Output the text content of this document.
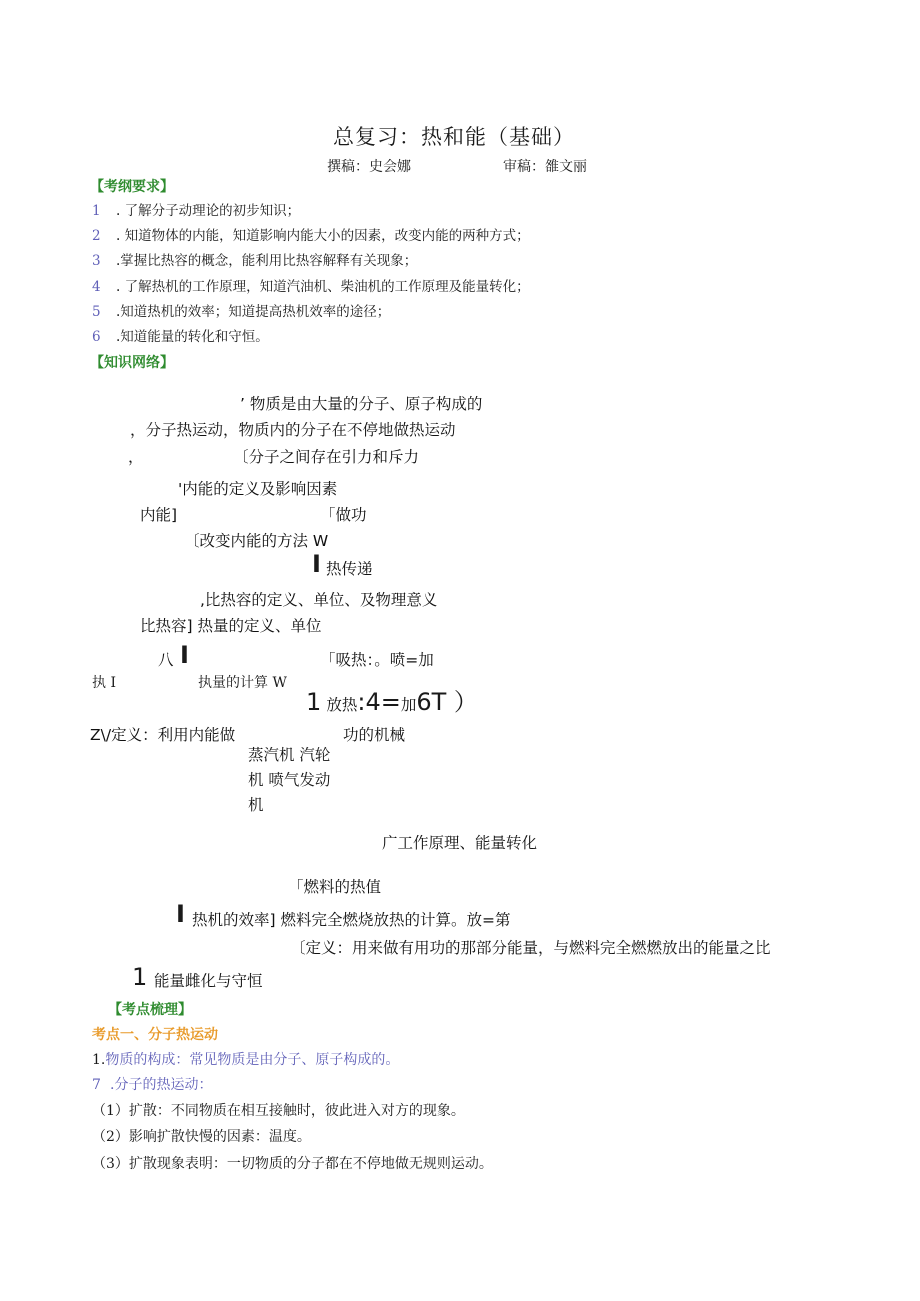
总复习：热和能（基础）
撰稿：史会娜	审稿：雒文丽
【考纲要求】
1 . 了解分子动理论的初步知识；
2 . 知道物体的内能，知道影响内能大小的因素，改变内能的两种方式；
3 .掌握比热容的概念，能利用比热容解释有关现象；
4 . 了解热机的工作原理，知道汽油机、柴油机的工作原理及能量转化；
5 .知道热机的效率；知道提高热机效率的途径；
6 .知道能量的转化和守恒。
【知识网络】
’ 物质是由大量的分子、原子构成的
，分子热运动，物质内的分子在不停地做热运动
，	〔分子之间存在引力和斥力
'内能的定义及影响因素
内能]	「做功
〔改变内能的方法 W
I 热传递
,比热容的定义、单位、及物理意义
比热容] 热量的定义、单位
八 I	「吸热：。喷=加
执 I	执量的计算 W
1 放热:4=加6T ）
Z\/定义：利用内能做	功的机械
蒸汽机 汽轮
机 喷气发动
机
广工作原理、能量转化
「燃料的热值
I 热机的效率] 燃料完全燃烧放热的计算。放=第
〔定义：用来做有用功的那部分能量，与燃料完全燃燃放出的能量之比
1 能量雌化与守恒
【考点梳理】
考点一、分子热运动
1.物质的构成：常见物质是由分子、原子构成的。
7 .分子的热运动：
（1）扩散：不同物质在相互接触时，彼此进入对方的现象。
（2）影响扩散快慢的因素：温度。
（3）扩散现象表明：一切物质的分子都在不停地做无规则运动。
